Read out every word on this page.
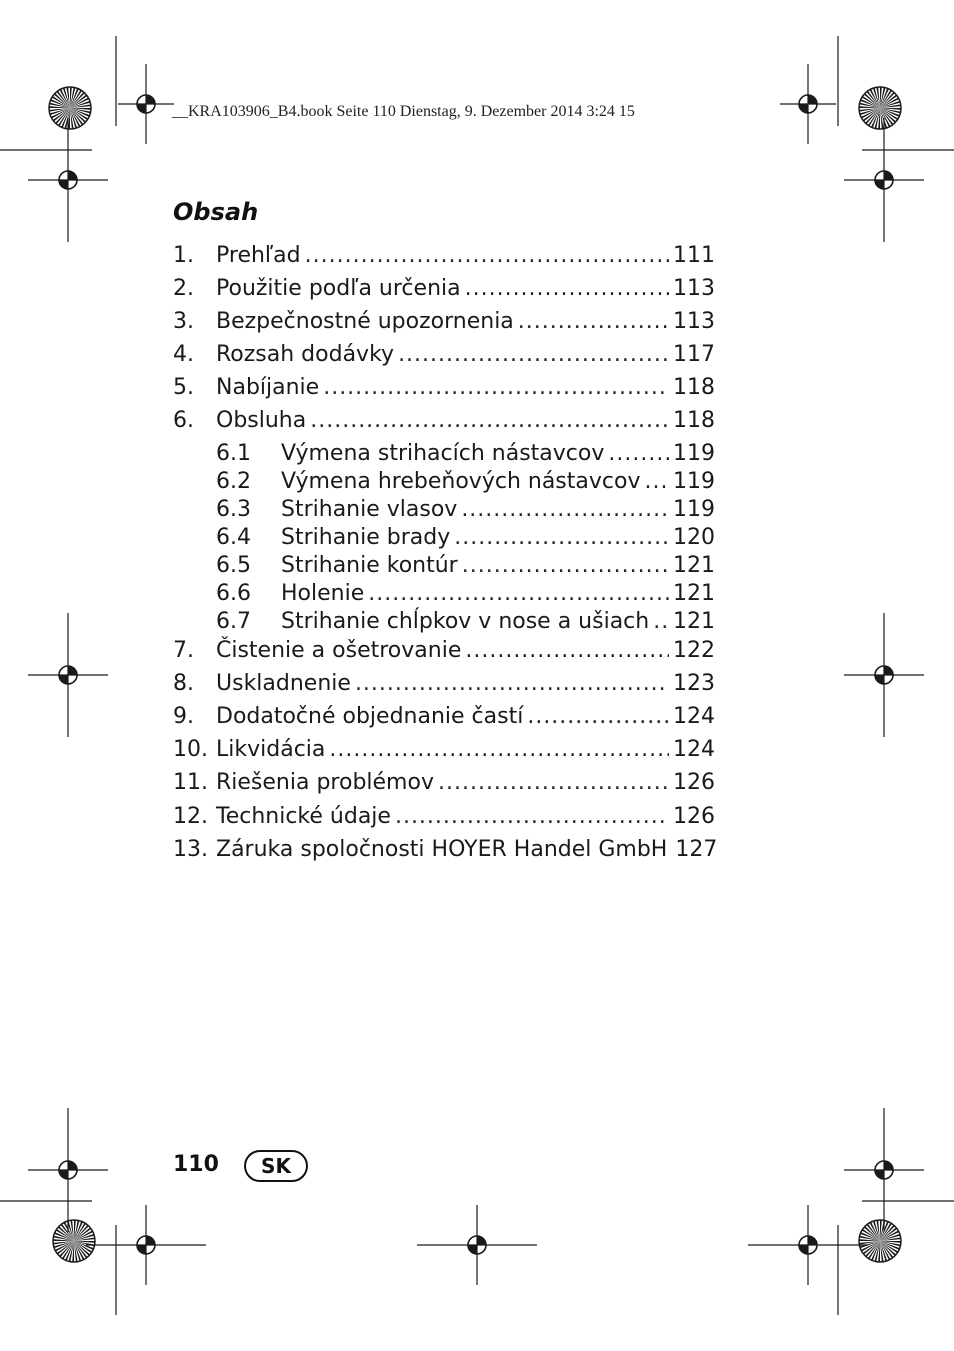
__KRA103906_B4.book Seite 110 Dienstag, 9. Dezember 2014 3:24 15
Obsah
1.	Prehľad .....	111
2.	Použitie podľa určenia .....	113
3.	Bezpečnostné upozornenia .....	113
4.	Rozsah dodávky .....	117
5.	Nabíjanie .....	118
6.	Obsluha .....	118
6.1	Výmena strihacích nástavcov .....	119
6.2	Výmena hrebeňových nástavcov ..... 119
6.3	Strihanie vlasov .....	119
6.4	Strihanie brady .....	120
6.5	Strihanie kontúr .....	121
6.6	Holenie .....	121
6.7	Strihanie chĺpkov v nose a ušiach ..... 121
7.	Čistenie a ošetrovanie .....	122
8.	Uskladnenie .....	123
9.	Dodatočné objednanie častí .....	124
10. Likvidácia .....	124
11. Riešenia problémov .....	126
12. Technické údaje .....	126
13. Záruka spoločnosti HOYER Handel GmbH 127
110	SK
